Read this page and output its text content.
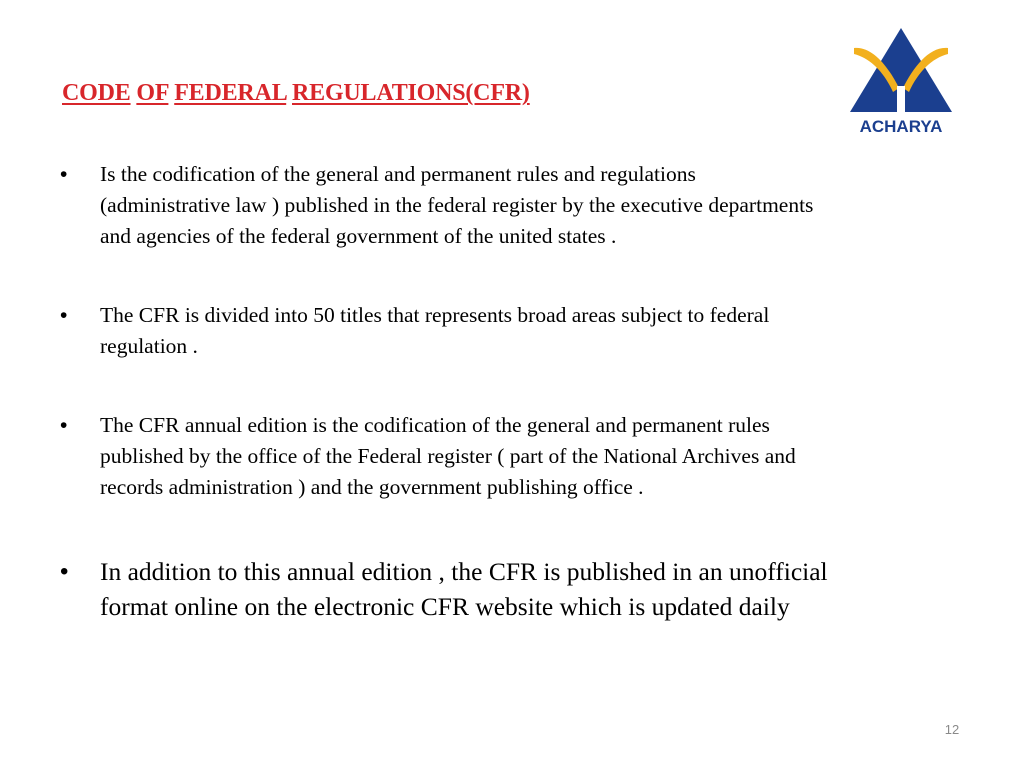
CODE OF FEDERAL REGULATIONS(CFR)
ACHARYA
• Is the codification of the general and permanent rules and regulations
(administrative law ) published in the federal register by the executive departments
and agencies of the federal government of the united states .
• The CFR is divided into 50 titles that represents broad areas subject to federal
regulation .
• The CFR annual edition is the codification of the general and permanent rules
published by the office of the Federal register ( part of the National Archives and
records administration ) and the government publishing office .
• In addition to this annual edition , the CFR is published in an unofficial
format online on the electronic CFR website which is updated daily
12
